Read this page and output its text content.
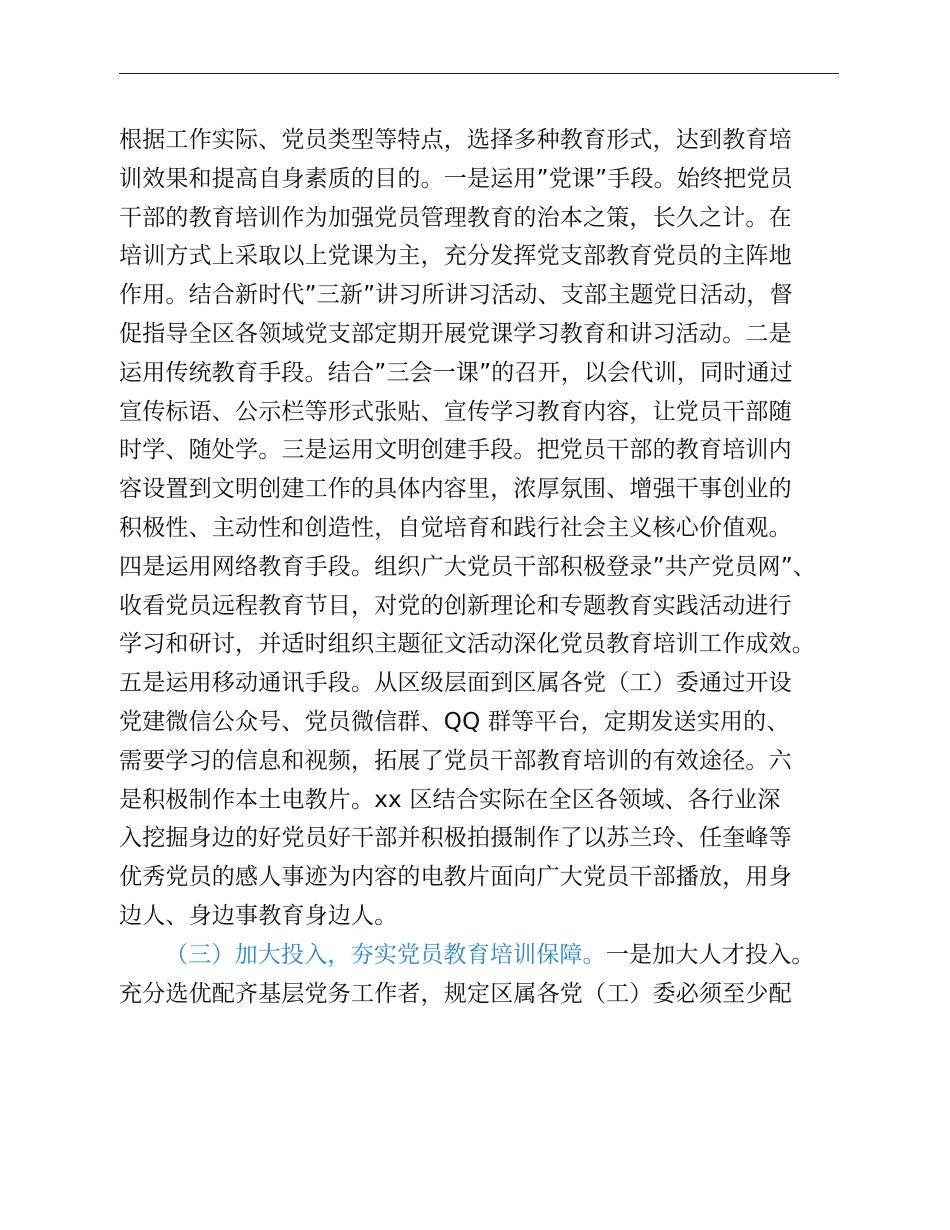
根据工作实际、党员类型等特点，选择多种教育形式，达到教育培
训效果和提高自身素质的目的。一是运用”党课”手段。始终把党员
干部的教育培训作为加强党员管理教育的治本之策，长久之计。在
培训方式上采取以上党课为主，充分发挥党支部教育党员的主阵地
作用。结合新时代”三新”讲习所讲习活动、支部主题党日活动，督
促指导全区各领域党支部定期开展党课学习教育和讲习活动。二是
运用传统教育手段。结合”三会一课”的召开，以会代训，同时通过
宣传标语、公示栏等形式张贴、宣传学习教育内容，让党员干部随
时学、随处学。三是运用文明创建手段。把党员干部的教育培训内
容设置到文明创建工作的具体内容里，浓厚氛围、增强干事创业的
积极性、主动性和创造性，自觉培育和践行社会主义核心价值观。
四是运用网络教育手段。组织广大党员干部积极登录”共产党员网”、
收看党员远程教育节目，对党的创新理论和专题教育实践活动进行
学习和研讨，并适时组织主题征文活动深化党员教育培训工作成效。
五是运用移动通讯手段。从区级层面到区属各党（工）委通过开设
党建微信公众号、党员微信群、QQ 群等平台，定期发送实用的、
需要学习的信息和视频，拓展了党员干部教育培训的有效途径。六
是积极制作本土电教片。xx 区结合实际在全区各领域、各行业深
入挖掘身边的好党员好干部并积极拍摄制作了以苏兰玲、任奎峰等
优秀党员的感人事迹为内容的电教片面向广大党员干部播放，用身
边人、身边事教育身边人。
（三）加大投入，夯实党员教育培训保障。一是加大人才投入。
充分选优配齐基层党务工作者，规定区属各党（工）委必须至少配
